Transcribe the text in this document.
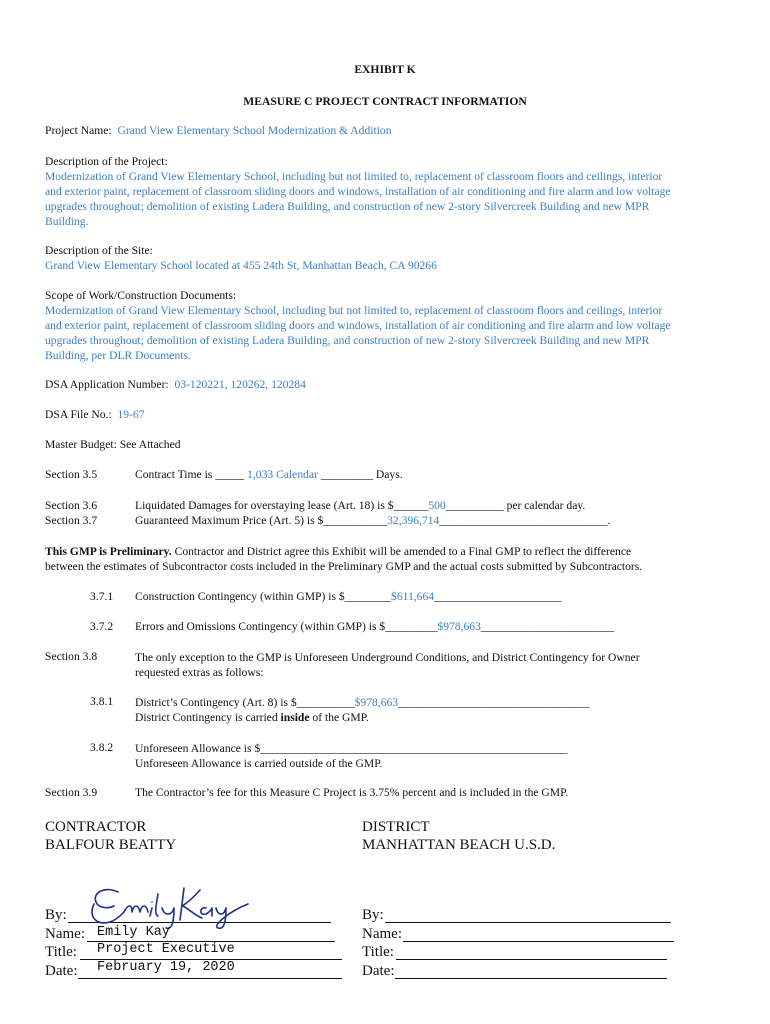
EXHIBIT K
MEASURE C PROJECT CONTRACT INFORMATION
Project Name: Grand View Elementary School Modernization & Addition
Description of the Project:
Modernization of Grand View Elementary School, including but not limited to, replacement of classroom floors and ceilings, interior
and exterior paint, replacement of classroom sliding doors and windows, installation of air conditioning and fire alarm and low voltage
upgrades throughout; demolition of existing Ladera Building, and construction of new 2-story Silvercreek Building and new MPR
Building.
Description of the Site:
Grand View Elementary School located at 455 24th St, Manhattan Beach, CA 90266
Scope of Work/Construction Documents:
Modernization of Grand View Elementary School, including but not limited to, replacement of classroom floors and ceilings, interior
and exterior paint, replacement of classroom sliding doors and windows, installation of air conditioning and fire alarm and low voltage
upgrades throughout; demolition of existing Ladera Building, and construction of new 2-story Silvercreek Building and new MPR
Building, per DLR Documents.
DSA Application Number: 03-120221, 120262, 120284
DSA File No.: 19-67
Master Budget: See Attached
Section 3.5	Contract Time is _____ 1,033 Calendar _________ Days.
Section 3.6	Liquidated Damages for overstaying lease (Art. 18) is $______500__________ per calendar day.
Section 3.7	Guaranteed Maximum Price (Art. 5) is $___________32,396,714_____________________________.
This GMP is Preliminary. Contractor and District agree this Exhibit will be amended to a Final GMP to reflect the difference
between the estimates of Subcontractor costs included in the Preliminary GMP and the actual costs submitted by Subcontractors.
3.7.1 Construction Contingency (within GMP) is $________$611,664______________________
3.7.2 Errors and Omissions Contingency (within GMP) is $_________$978,663_______________________
Section 3.8	The only exception to the GMP is Unforeseen Underground Conditions, and District Contingency for Owner
requested extras as follows:
3.8.1 District’s Contingency (Art. 8) is $__________$978,663_________________________________
District Contingency is carried inside of the GMP.
3.8.2 Unforeseen Allowance is $_____________________________________________________
Unforeseen Allowance is carried outside of the GMP.
Section 3.9	The Contractor’s fee for this Measure C Project is 3.75% percent and is included in the GMP.
CONTRACTOR
BALFOUR BEATTY
DISTRICT
MANHATTAN BEACH U.S.D.
By:
Name: Emily Kay
Title: Project Executive
Date: February 19, 2020
By:
Name:
Title:
Date:
